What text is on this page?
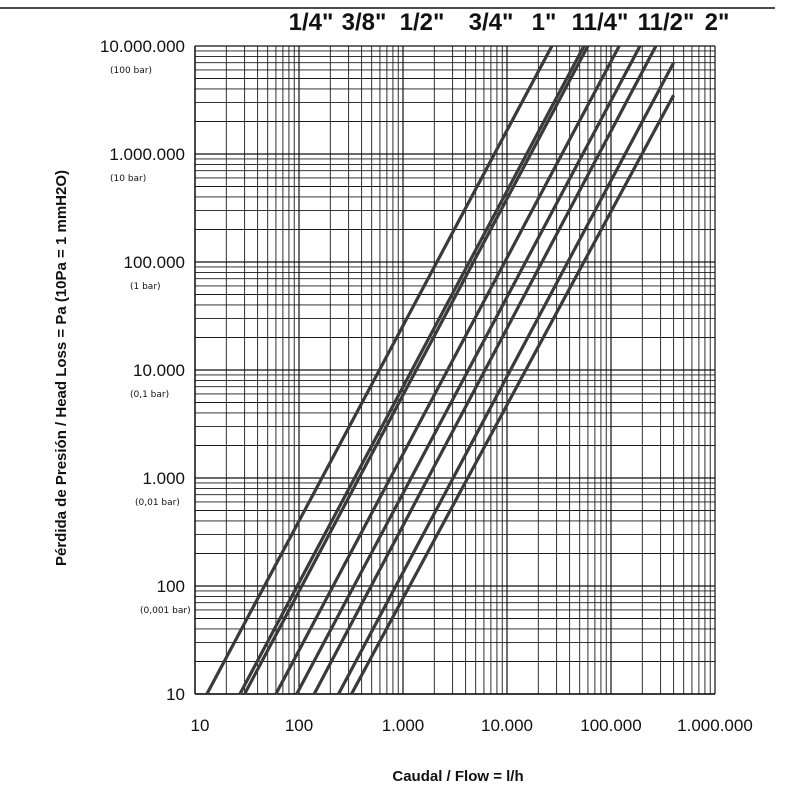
10
100
1.000
10.000
100.000
1.000.000
10.000.000
(0,001 bar)
(0,01 bar)
(0,1 bar)
(1 bar)
(10 bar)
(100 bar)
10	100	1.000	10.000	100.000 1.000.000
1/4" 3/8" 1/2" 3/4" 1" 11/4" 11/2" 2"
Caudal / Flow = l/h
Pérdida de Presión / Head Loss = Pa (10Pa = 1 mmH2O)
